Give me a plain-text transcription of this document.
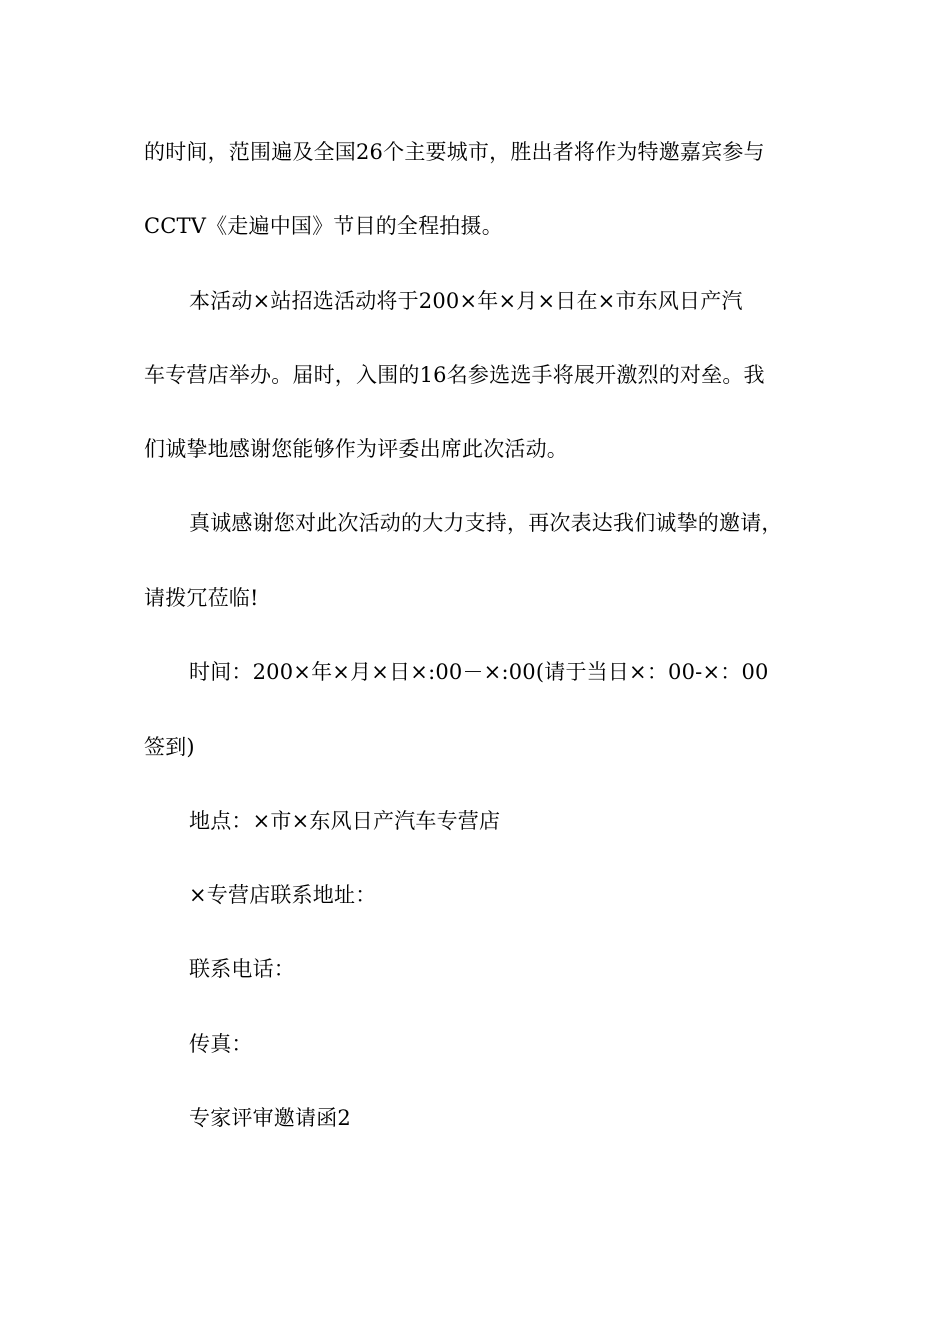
的时间，范围遍及全国26个主要城市，胜出者将作为特邀嘉宾参与
CCTV《走遍中国》节目的全程拍摄。
本活动×站招选活动将于200×年×月×日在×市东风日产汽
车专营店举办。届时，入围的16名参选选手将展开激烈的对垒。我
们诚挚地感谢您能够作为评委出席此次活动。
真诚感谢您对此次活动的大力支持，再次表达我们诚挚的邀请，
请拨冗莅临!
时间：200×年×月×日×:00－×:00(请于当日×：00-×：00
签到)
地点：×市×东风日产汽车专营店
×专营店联系地址：
联系电话：
传真：
专家评审邀请函2
